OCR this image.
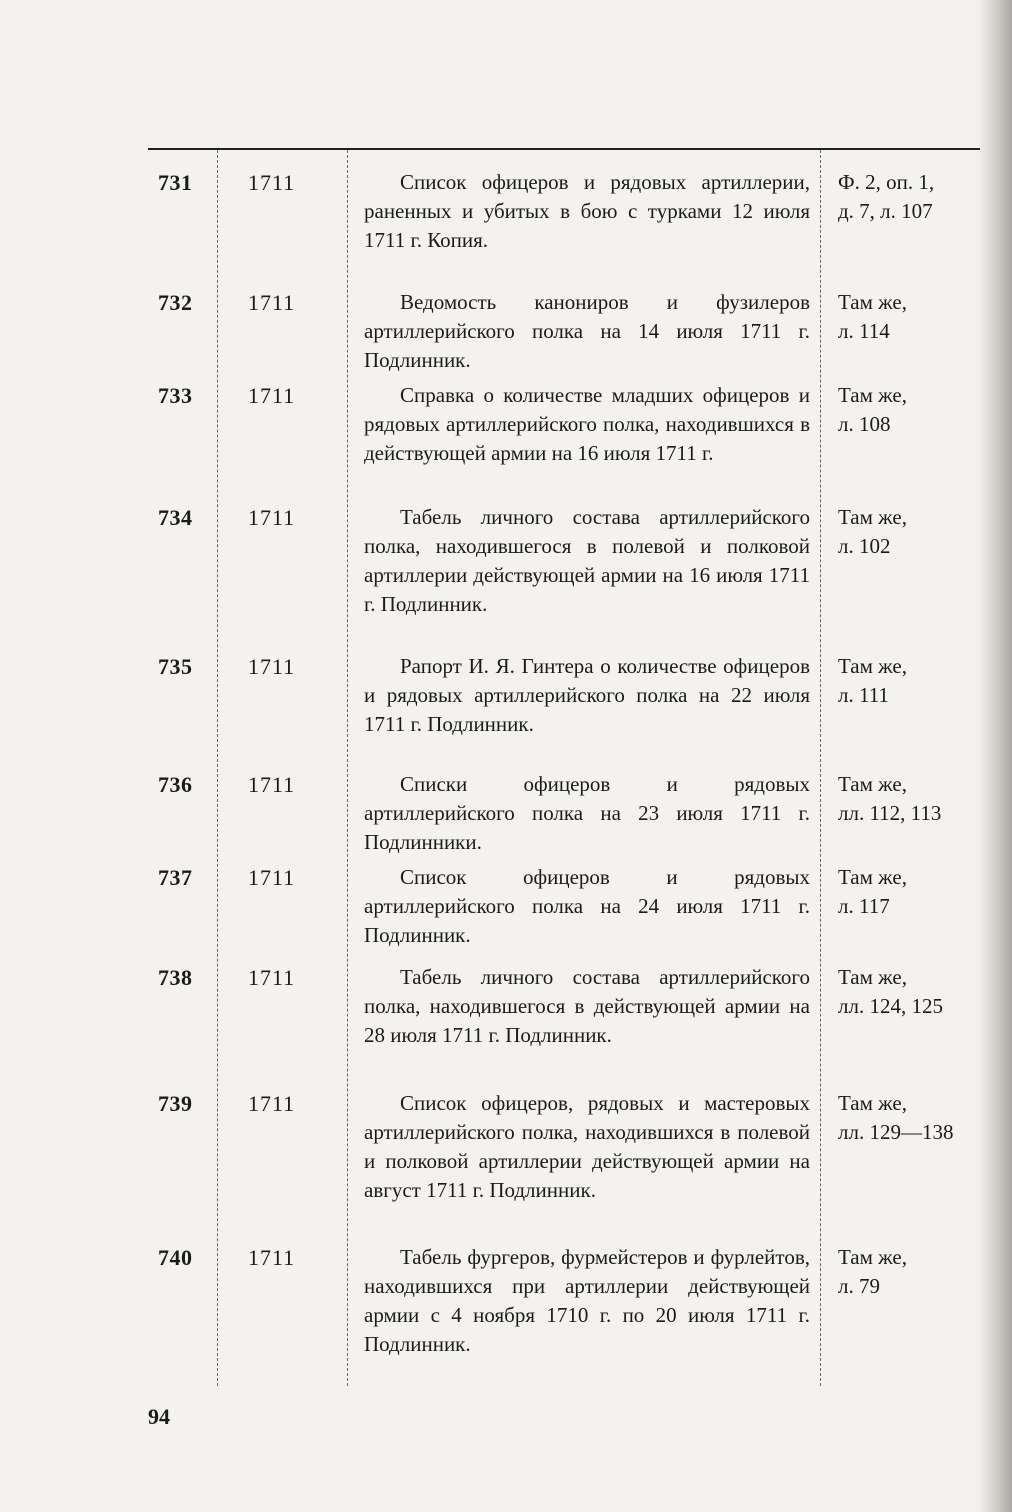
731	1711	Список офицеров и рядовых артиллерии, раненных и убитых в бою с турками 12 июля 1711 г. Копия.
Ф. 2, оп. 1,
д. 7, л. 107
732	1711	Ведомость канониров и фузилеров артиллерийского полка на 14 июля 1711 г. Подлинник.
Там же,
л. 114
733	1711	Справка о количестве младших офицеров и рядовых артиллерийского полка, находившихся в действующей армии на 16 июля 1711 г.
Там же,
л. 108
734	1711	Табель личного состава артиллерийского полка, находившегося в полевой и полковой артиллерии действующей армии на 16 июля 1711 г. Подлинник.
Там же,
л. 102
735	1711	Рапорт И. Я. Гинтера о количестве офицеров и рядовых артиллерийского полка на 22 июля 1711 г. Подлинник.
Там же,
л. 111
736	1711	Списки офицеров и рядовых артиллерийского полка на 23 июля 1711 г. Подлинники.
Там же,
лл. 112, 113
737	1711	Список офицеров и рядовых артиллерийского полка на 24 июля 1711 г. Подлинник.
Там же,
л. 117
738	1711	Табель личного состава артиллерийского полка, находившегося в действующей армии на 28 июля 1711 г. Подлинник.
Там же,
лл. 124, 125
739	1711	Список офицеров, рядовых и мастеровых артиллерийского полка, находившихся в полевой и полковой артиллерии действующей армии на август 1711 г. Подлинник.
Там же,
лл. 129—138
740	1711	Табель фургеров, фурмейстеров и фурлейтов, находившихся при артиллерии действующей армии с 4 ноября 1710 г. по 20 июля 1711 г. Подлинник.
Там же,
л. 79
94
